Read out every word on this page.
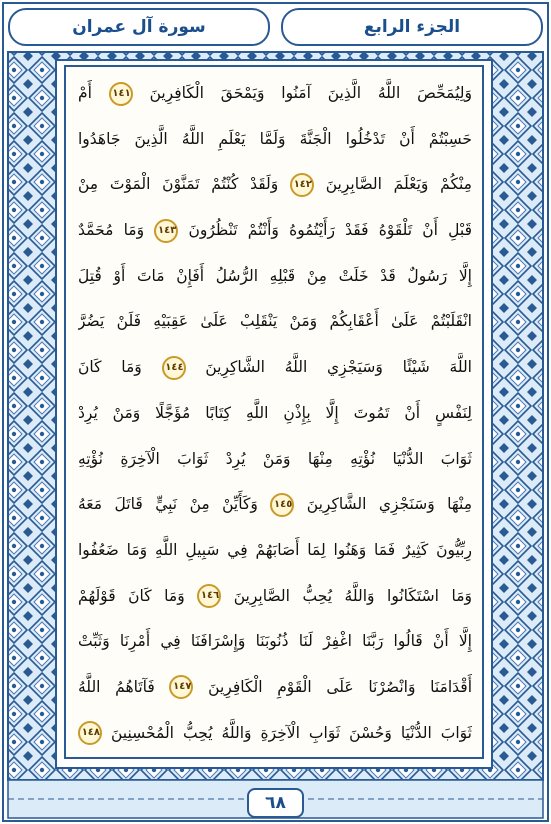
الجزء الرابع
سورة آل عمران
وَلِيُمَحِّصَ اللَّهُ الَّذِينَ آمَنُوا وَيَمْحَقَ الْكَافِرِينَ ١٤١ أَمْ
حَسِبْتُمْ أَنْ تَدْخُلُوا الْجَنَّةَ وَلَمَّا يَعْلَمِ اللَّهُ الَّذِينَ جَاهَدُوا
مِنْكُمْ وَيَعْلَمَ الصَّابِرِينَ ١٤٢ وَلَقَدْ كُنْتُمْ تَمَنَّوْنَ الْمَوْتَ مِنْ
قَبْلِ أَنْ تَلْقَوْهُ فَقَدْ رَأَيْتُمُوهُ وَأَنْتُمْ تَنْظُرُونَ ١٤٣ وَمَا مُحَمَّدٌ
إِلَّا رَسُولٌ قَدْ خَلَتْ مِنْ قَبْلِهِ الرُّسُلُ أَفَإِنْ مَاتَ أَوْ قُتِلَ
انْقَلَبْتُمْ عَلَىٰ أَعْقَابِكُمْ وَمَنْ يَنْقَلِبْ عَلَىٰ عَقِبَيْهِ فَلَنْ يَضُرَّ
اللَّهَ شَيْئًا وَسَيَجْزِي اللَّهُ الشَّاكِرِينَ ١٤٤ وَمَا كَانَ
لِنَفْسٍ أَنْ تَمُوتَ إِلَّا بِإِذْنِ اللَّهِ كِتَابًا مُؤَجَّلًا وَمَنْ يُرِدْ
ثَوَابَ الدُّنْيَا نُؤْتِهِ مِنْهَا وَمَنْ يُرِدْ ثَوَابَ الْآخِرَةِ نُؤْتِهِ
مِنْهَا وَسَنَجْزِي الشَّاكِرِينَ ١٤٥ وَكَأَيِّنْ مِنْ نَبِيٍّ قَاتَلَ مَعَهُ
رِبِّيُّونَ كَثِيرٌ فَمَا وَهَنُوا لِمَا أَصَابَهُمْ فِي سَبِيلِ اللَّهِ وَمَا ضَعُفُوا
وَمَا اسْتَكَانُوا وَاللَّهُ يُحِبُّ الصَّابِرِينَ ١٤٦ وَمَا كَانَ قَوْلَهُمْ
إِلَّا أَنْ قَالُوا رَبَّنَا اغْفِرْ لَنَا ذُنُوبَنَا وَإِسْرَافَنَا فِي أَمْرِنَا وَثَبِّتْ
أَقْدَامَنَا وَانْصُرْنَا عَلَى الْقَوْمِ الْكَافِرِينَ ١٤٧ فَآتَاهُمُ اللَّهُ
ثَوَابَ الدُّنْيَا وَحُسْنَ ثَوَابِ الْآخِرَةِ وَاللَّهُ يُحِبُّ الْمُحْسِنِينَ ١٤٨
٦٨
